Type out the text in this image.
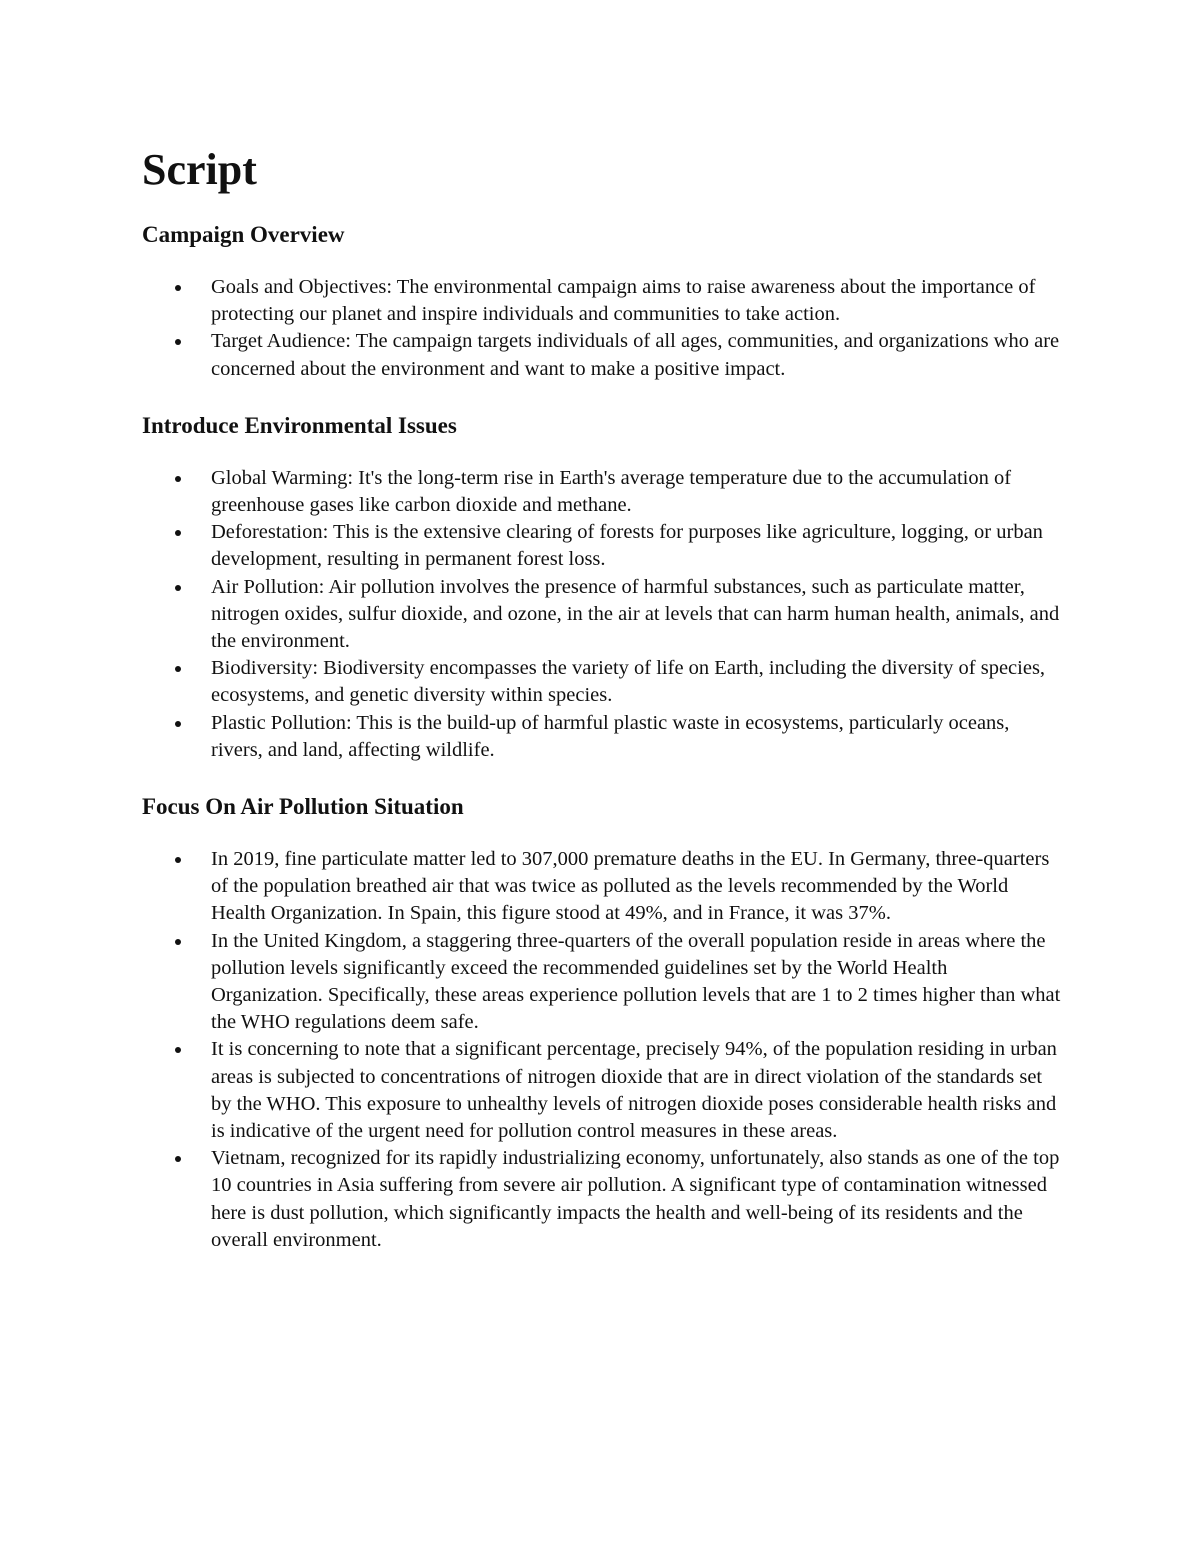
Script
Campaign Overview
Goals and Objectives: The environmental campaign aims to raise awareness about the importance of protecting our planet and inspire individuals and communities to take action.
Target Audience: The campaign targets individuals of all ages, communities, and organizations who are concerned about the environment and want to make a positive impact.
Introduce Environmental Issues
Global Warming: It's the long-term rise in Earth's average temperature due to the accumulation of greenhouse gases like carbon dioxide and methane.
Deforestation: This is the extensive clearing of forests for purposes like agriculture, logging, or urban development, resulting in permanent forest loss.
Air Pollution: Air pollution involves the presence of harmful substances, such as particulate matter, nitrogen oxides, sulfur dioxide, and ozone, in the air at levels that can harm human health, animals, and the environment.
Biodiversity: Biodiversity encompasses the variety of life on Earth, including the diversity of species, ecosystems, and genetic diversity within species.
Plastic Pollution: This is the build-up of harmful plastic waste in ecosystems, particularly oceans, rivers, and land, affecting wildlife.
Focus On Air Pollution Situation
In 2019, fine particulate matter led to 307,000 premature deaths in the EU. In Germany, three-quarters of the population breathed air that was twice as polluted as the levels recommended by the World Health Organization. In Spain, this figure stood at 49%, and in France, it was 37%.
In the United Kingdom, a staggering three-quarters of the overall population reside in areas where the pollution levels significantly exceed the recommended guidelines set by the World Health Organization. Specifically, these areas experience pollution levels that are 1 to 2 times higher than what the WHO regulations deem safe.
It is concerning to note that a significant percentage, precisely 94%, of the population residing in urban areas is subjected to concentrations of nitrogen dioxide that are in direct violation of the standards set by the WHO. This exposure to unhealthy levels of nitrogen dioxide poses considerable health risks and is indicative of the urgent need for pollution control measures in these areas.
Vietnam, recognized for its rapidly industrializing economy, unfortunately, also stands as one of the top 10 countries in Asia suffering from severe air pollution. A significant type of contamination witnessed here is dust pollution, which significantly impacts the health and well-being of its residents and the overall environment.
